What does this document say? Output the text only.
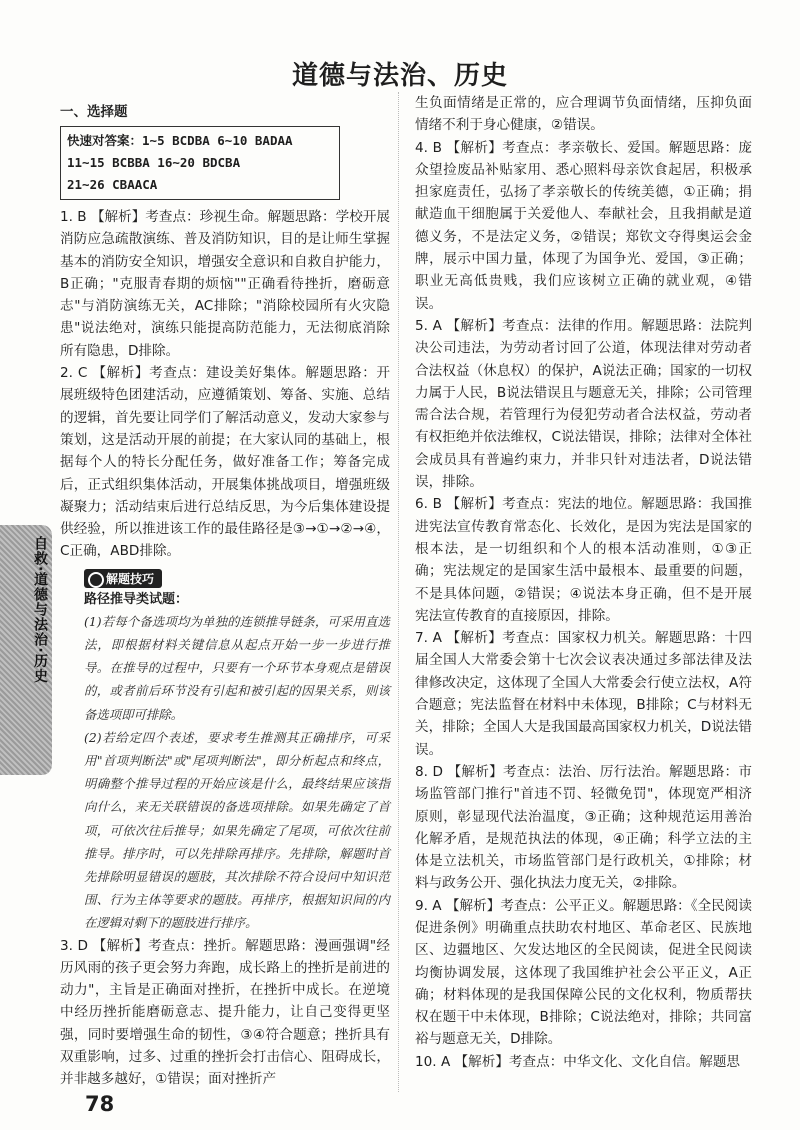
道德与法治、历史
自救·道德与法治·历史
一、选择题
快速对答案：1~5 BCDBA 6~10 BADAA
11~15 BCBBA 16~20 BDCBA
21~26 CBAACA

1. B 【解析】考查点：珍视生命。解题思路：学校开展消防应急疏散演练、普及消防知识，目的是让师生掌握基本的消防安全知识，增强安全意识和自救自护能力，B正确；"克服青春期的烦恼""正确看待挫折，磨砺意志"与消防演练无关，AC排除；"消除校园所有火灾隐患"说法绝对，演练只能提高防范能力，无法彻底消除所有隐患，D排除。

2. C 【解析】考查点：建设美好集体。解题思路：开展班级特色团建活动，应遵循策划、筹备、实施、总结的逻辑，首先要让同学们了解活动意义，发动大家参与策划，这是活动开展的前提；在大家认同的基础上，根据每个人的特长分配任务，做好准备工作；筹备完成后，正式组织集体活动，开展集体挑战项目，增强班级凝聚力；活动结束后进行总结反思，为今后集体建设提供经验，所以推进该工作的最佳路径是③→①→②→④，C正确，ABD排除。

解题技巧
路径推导类试题：

(1)若每个备选项均为单独的连锁推导链条，可采用直选法，即根据材料关键信息从起点开始一步一步进行推导。在推导的过程中，只要有一个环节本身观点是错误的，或者前后环节没有引起和被引起的因果关系，则该备选项即可排除。

(2)若给定四个表述，要求考生推测其正确排序，可采用"首项判断法"或"尾项判断法"，即分析起点和终点，明确整个推导过程的开始应该是什么，最终结果应该指向什么，来无关联错误的备选项排除。如果先确定了首项，可依次往后推导；如果先确定了尾项，可依次往前推导。排序时，可以先排除再排序。先排除，解题时首先排除明显错误的题肢，其次排除不符合设问中知识范围、行为主体等要求的题肢。再排序，根据知识间的内在逻辑对剩下的题肢进行排序。

3. D 【解析】考查点：挫折。解题思路：漫画强调"经历风雨的孩子更会努力奔跑，成长路上的挫折是前进的动力"，主旨是正确面对挫折，在挫折中成长。在逆境中经历挫折能磨砺意志、提升能力，让自己变得更坚强，同时要增强生命的韧性，③④符合题意；挫折具有双重影响，过多、过重的挫折会打击信心、阻碍成长，并非越多越好，①错误；面对挫折产

生负面情绪是正常的，应合理调节负面情绪，压抑负面情绪不利于身心健康，②错误。

4. B 【解析】考查点：孝亲敬长、爱国。解题思路：庞众望捡废品补贴家用、悉心照料母亲饮食起居，积极承担家庭责任，弘扬了孝亲敬长的传统美德，①正确；捐献造血干细胞属于关爱他人、奉献社会，且我捐献是道德义务，不是法定义务，②错误；郑钦文夺得奥运会金牌，展示中国力量，体现了为国争光、爱国，③正确；职业无高低贵贱，我们应该树立正确的就业观，④错误。

5. A 【解析】考查点：法律的作用。解题思路：法院判决公司违法，为劳动者讨回了公道，体现法律对劳动者合法权益（休息权）的保护，A说法正确；国家的一切权力属于人民，B说法错误且与题意无关，排除；公司管理需合法合规，若管理行为侵犯劳动者合法权益，劳动者有权拒绝并依法维权，C说法错误，排除；法律对全体社会成员具有普遍约束力，并非只针对违法者，D说法错误，排除。

6. B 【解析】考查点：宪法的地位。解题思路：我国推进宪法宣传教育常态化、长效化，是因为宪法是国家的根本法，是一切组织和个人的根本活动准则，①③正确；宪法规定的是国家生活中最根本、最重要的问题，不是具体问题，②错误；④说法本身正确，但不是开展宪法宣传教育的直接原因，排除。

7. A 【解析】考查点：国家权力机关。解题思路：十四届全国人大常委会第十七次会议表决通过多部法律及法律修改决定，这体现了全国人大常委会行使立法权，A符合题意；宪法监督在材料中未体现，B排除；C与材料无关，排除；全国人大是我国最高国家权力机关，D说法错误。

8. D 【解析】考查点：法治、厉行法治。解题思路：市场监管部门推行"首违不罚、轻微免罚"，体现宽严相济原则，彰显现代法治温度，③正确；这种规范运用善治化解矛盾，是规范执法的体现，④正确；科学立法的主体是立法机关，市场监管部门是行政机关，①排除；材料与政务公开、强化执法力度无关，②排除。

9. A 【解析】考查点：公平正义。解题思路：《全民阅读促进条例》明确重点扶助农村地区、革命老区、民族地区、边疆地区、欠发达地区的全民阅读，促进全民阅读均衡协调发展，这体现了我国维护社会公平正义，A正确；材料体现的是我国保障公民的文化权利，物质帮扶权在题干中未体现，B排除；C说法绝对，排除；共同富裕与题意无关，D排除。

10. A 【解析】考查点：中华文化、文化自信。解题思

78
